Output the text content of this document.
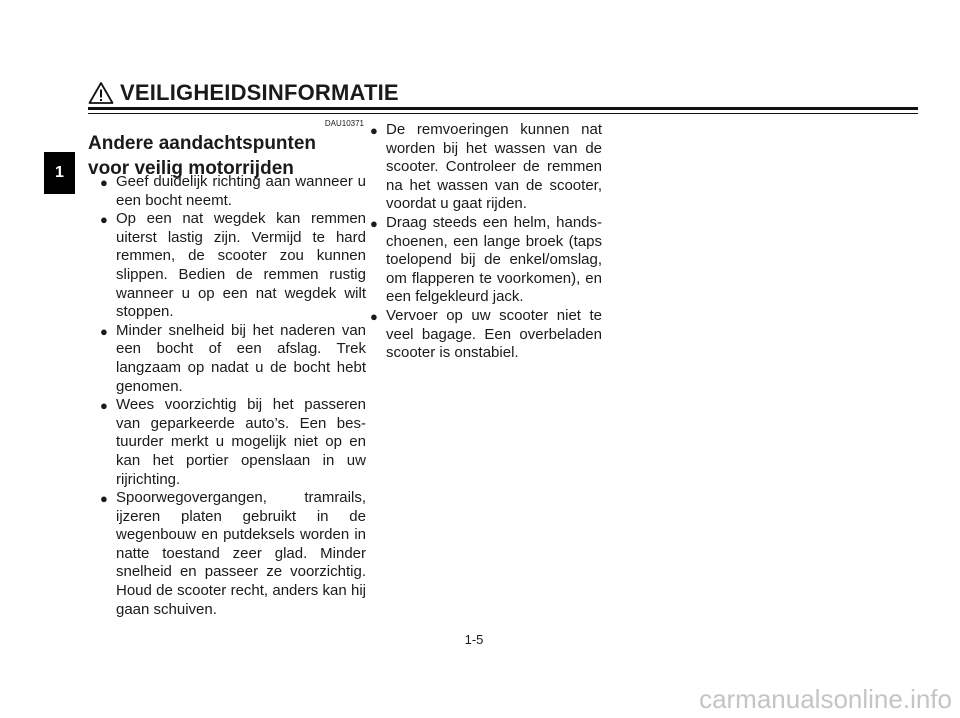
VEILIGHEIDSINFORMATIE
1
DAU10371
Andere aandachtspunten
voor veilig motorrijden
● Geef duidelijk richting aan wanneer u een bocht neemt.
● Op een nat wegdek kan remmen uiterst lastig zijn. Vermijd te hard remmen, de scooter zou kunnen slippen. Bedien de remmen rustig wanneer u op een nat wegdek wilt stoppen.
● Minder snelheid bij het naderen van een bocht of een afslag. Trek langzaam op nadat u de bocht hebt genomen.
● Wees voorzichtig bij het passeren van geparkeerde auto’s. Een bestuurder merkt u mogelijk niet op en kan het portier openslaan in uw rijrichting.
● Spoorwegovergangen, tramrails, ijzeren platen gebruikt in de wegenbouw en putdeksels worden in natte toestand zeer glad. Minder snelheid en passeer ze voorzichtig. Houd de scooter recht, anders kan hij gaan schuiven.
● De remvoeringen kunnen nat worden bij het wassen van de scooter. Controleer de remmen na het wassen van de scooter, voordat u gaat rijden.
● Draag steeds een helm, handschoenen, een lange broek (taps toelopend bij de enkel/omslag, om flapperen te voorkomen), en een felgekleurd jack.
● Vervoer op uw scooter niet te veel bagage. Een overbeladen scooter is onstabiel.
1-5
carmanualsonline.info
